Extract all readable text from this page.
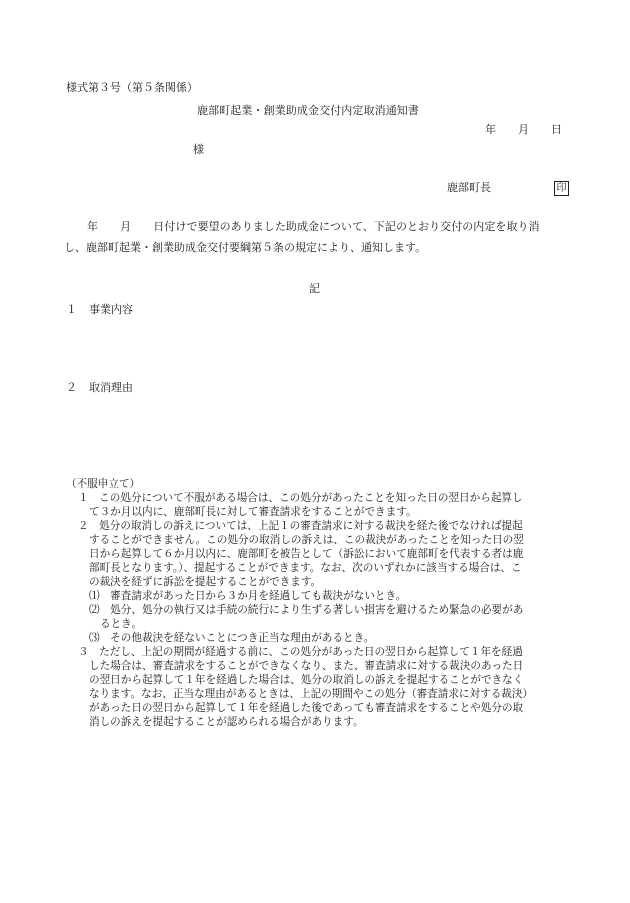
様式第３号（第５条関係）
鹿部町起業・創業助成金交付内定取消通知書
年　　月　　日
様
鹿部町長	印
年　　月　　日付けで要望のありました助成金について、下記のとおり交付の内定を取り消
し、鹿部町起業・創業助成金交付要綱第５条の規定により、通知します。
記
１ 事業内容
２ 取消理由
（不服申立て）
１　この処分について不服がある場合は、この処分があったことを知った日の翌日から起算し
て３か月以内に、鹿部町長に対して審査請求をすることができます。
２　処分の取消しの訴えについては、上記１の審査請求に対する裁決を経た後でなければ提起
することができません。この処分の取消しの訴えは、この裁決があったことを知った日の翌
日から起算して６か月以内に、鹿部町を被告として（訴訟において鹿部町を代表する者は鹿
部町長となります。）、提起することができます。なお、次のいずれかに該当する場合は、こ
の裁決を経ずに訴訟を提起することができます。
⑴　審査請求があった日から３か月を経過しても裁決がないとき。
⑵　処分、処分の執行又は手続の続行により生ずる著しい損害を避けるため緊急の必要があ
るとき。
⑶　その他裁決を経ないことにつき正当な理由があるとき。
３　ただし、上記の期間が経過する前に、この処分があった日の翌日から起算して１年を経過
した場合は、審査請求をすることができなくなり、また、審査請求に対する裁決のあった日
の翌日から起算して１年を経過した場合は、処分の取消しの訴えを提起することができなく
なります。なお、正当な理由があるときは、上記の期間やこの処分（審査請求に対する裁決）
があった日の翌日から起算して１年を経過した後であっても審査請求をすることや処分の取
消しの訴えを提起することが認められる場合があります。
